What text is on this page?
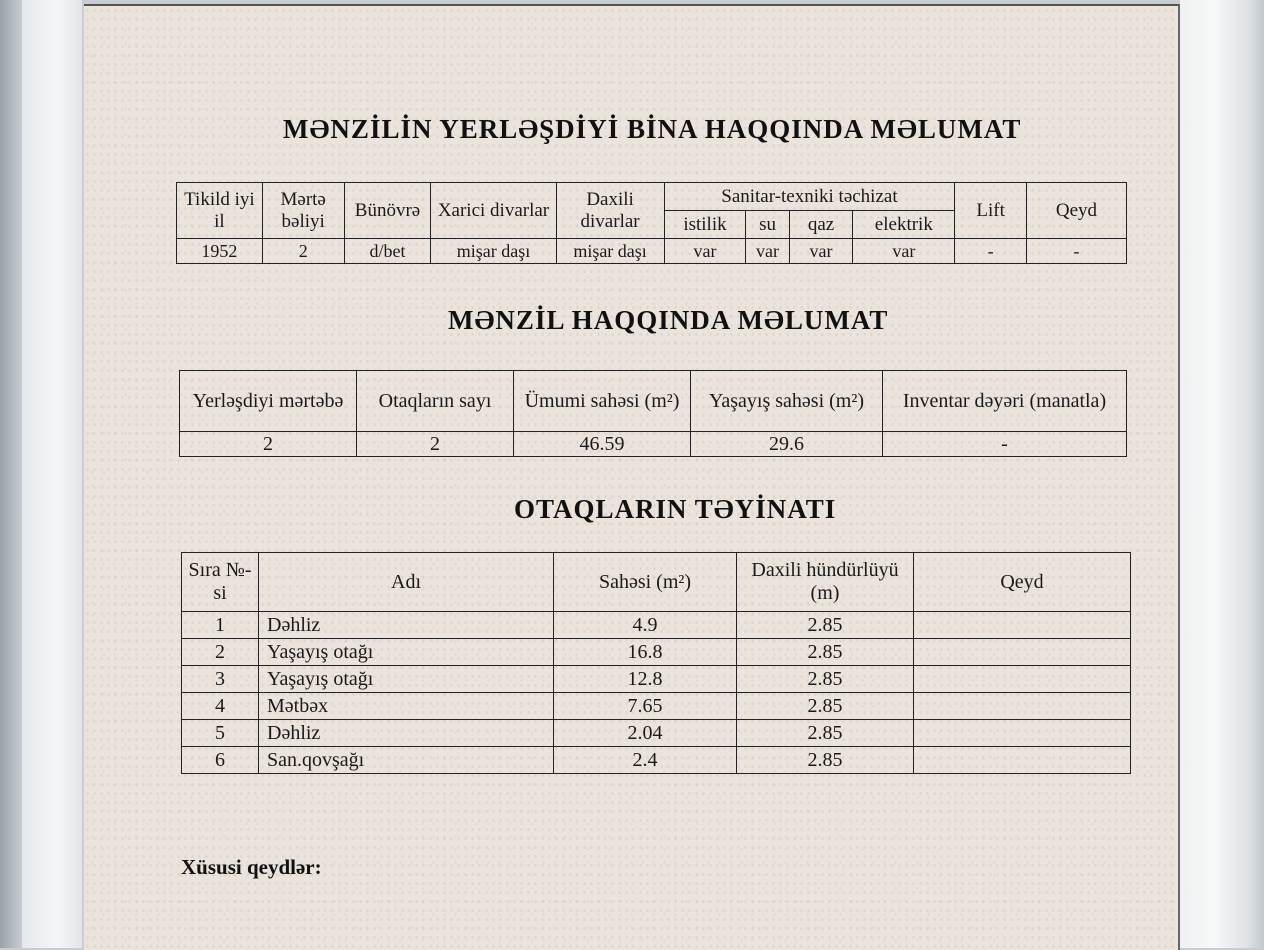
MƏNZİLİN YERLƏŞDİYİ BİNA HAQQINDA MƏLUMAT
Tikild iyi il	Mərtə bəliyi	Bünövrə	Xarici divarlar	Daxili divarlar	Sanitar-texniki təchizat				Lift	Qeyd
					istilik	su	qaz	elektrik		
1952	2	d/bet	mişar daşı	mişar daşı	var	var	var	var	-	-
MƏNZİL HAQQINDA MƏLUMAT
Yerləşdiyi mərtəbə	Otaqların sayı	Ümumi sahəsi (m²)	Yaşayış sahəsi (m²)	Inventar dəyəri (manatla)
2	2	46.59	29.6	-
OTAQLARIN TƏYİNATI
Sıra №-si	Adı	Sahəsi (m²)	Daxili hündürlüyü (m)	Qeyd
1	Dəhliz	4.9	2.85	
2	Yaşayış otağı	16.8	2.85	
3	Yaşayış otağı	12.8	2.85	
4	Mətbəx	7.65	2.85	
5	Dəhliz	2.04	2.85	
6	San.qovşağı	2.4	2.85	
Xüsusi qeydlər:
